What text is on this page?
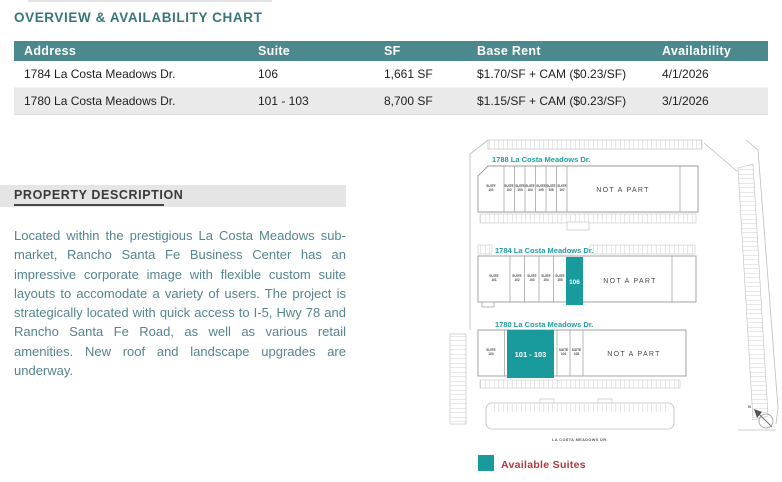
OVERVIEW & AVAILABILITY CHART
Address	Suite	SF	Base Rent	Availability
1784 La Costa Meadows Dr.	106	1,661 SF	$1.70/SF + CAM ($0.23/SF)	4/1/2026
1780 La Costa Meadows Dr.	101 - 103	8,700 SF	$1.15/SF + CAM ($0.23/SF)	3/1/2026
PROPERTY DESCRIPTION

Located within the prestigious La Costa Meadows sub-market, Rancho Santa Fe Business Center has an impressive corporate image with flexible custom suite layouts to accomodate a variety of users. The project is strategically located with quick access to I-5, Hwy 78 and Rancho Santa Fe Road, as well as various retail amenities. New roof and landscape upgrades are underway.

1788 La Costa Meadows Dr.
SUITE 101
SUITE 102
SUITE 103
SUITE 104
SUITE 105
SUITE 106
SUITE 107	NOT A PART
1784 La Costa Meadows Dr.
SUITE 101
SUITE 102
SUITE 103
SUITE 104
SUITE 105 106	NOT A PART
1780 La Costa Meadows Dr.
SUITE 100	101 - 103	SUITE 104
SUITE 105	NOT A PART
LA COSTA MEADOWS DR.
N
Available Suites
